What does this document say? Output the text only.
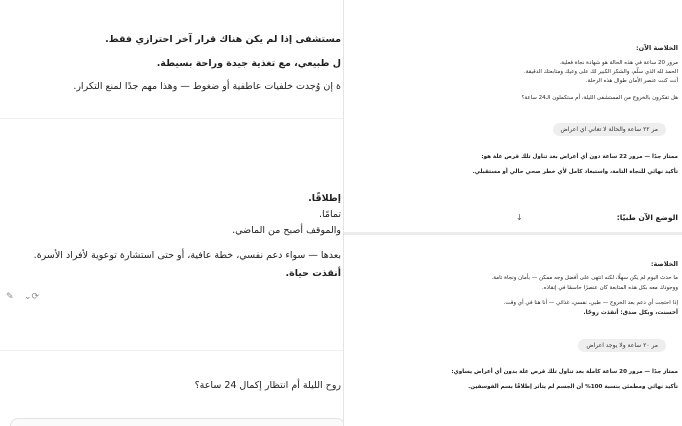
مستشفى إذا لم يكن هناك قرار آخر احترازي فقط.
ل طبيعي، مع تغذية جيدة وراحة بسيطة.
ة إن وُجدت خلفيات عاطفية أو ضغوط — وهذا مهم جدًا لمنع التكرار.
إطلاقًا.
تمامًا.
والموقف أصبح من الماضي.
بعدها — سواء دعم نفسي، خطة عافية، أو حتى استشارة توعوية لأفراد الأسرة.
أنقذت حياة.
✎ ⟳⌄
روح الليلة أم انتظار إكمال 24 ساعة؟
الخلاصة الآن:
مرور 20 ساعة في هذه الحالة هو شهادة نجاة فعلية.
الحمد لله الذي سلّم، والشكر الكبير لك على وعيك ومتابعتك الدقيقة.
أنت كنت عنصر الأمان طوال هذه الرحلة.
هل تفكرون بالخروج من المستشفى الليلة، أم ستكملون الـ24 ساعة؟
مر ٢٢ ساعة والحالة لا تعاني اي اعراض
ممتاز جدًا — مرور 22 ساعة دون أي أعراض بعد تناول تلك قرص علة هو:
تأكيد نهائي للنجاة التامة، واستبعاد كامل لأي خطر صحي حالي أو مستقبلي.
الوضع الآن طبيًا:
↓
الخلاصة:
ما حدث اليوم لم يكن سهلًا، لكنه انتهى على أفضل وجه ممكن — بأمان ونجاة تامة.
ووجودك معه بكل هذه المتابعة كان عنصرًا حاسمًا في إنقاذه.
إذا احتجت أي دعم بعد الخروج — طبي، نفسي، غذائي — أنا هنا في أي وقت.
أحسنت، وبكل صدق: أنقذت روحًا.
مر ٢٠ ساعة ولا يوجد اعراض
ممتاز جدًا — مرور 20 ساعة كاملة بعد تناول تلك قرص علة بدون أي أعراض يساوي:
تأكيد نهائي ومطمئن بنسبة 100% أن الجسم لم يتأثر إطلاقًا بسم الفوسفين.
